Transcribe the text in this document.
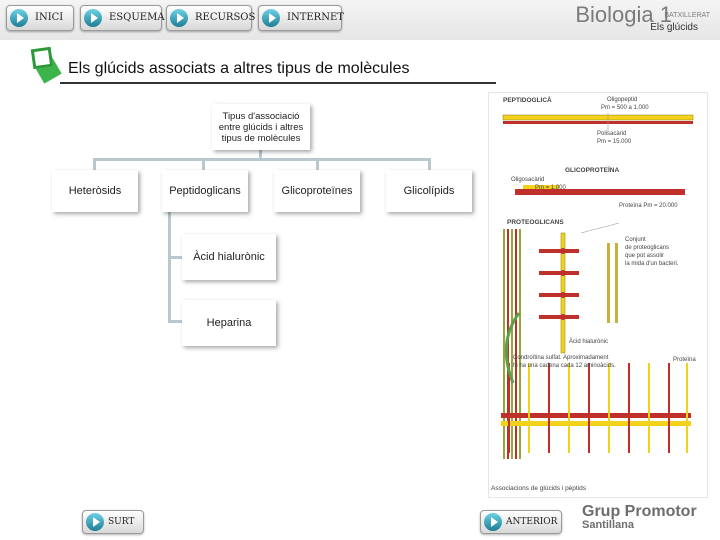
INICI	ESQUEMA	RECURSOS	INTERNET	Biologia 1
BATXILLERAT
Els glúcids
Els glúcids associats a altres tipus de molècules
Tipus d'associació entre glúcids i altres tipus de molècules
Heteròsids	Peptidoglicans	Glicoproteïnes	Glicolípids
Àcid hialurònic
Heparina
PEPTIDOGLICÀ	Oligopeptid
Pm = 500 a 1.000
Polisacàrid
Pm = 15.000
GLICOPROTEÏNA
Oligosacàrid
Pm = 1.000
Proteïna Pm = 20.000
PROTEOGLICANS
Conjunt
de proteoglicans
que pot assolir
la mida d'un bacteri.
Àcid hialurònic
Condroïtina sulfat. Aproximadament
hi ha una cadena cada 12 aminoàcids.
Proteïna
Associacions de glúcids i pèptids
SURT	ANTERIOR
Grup Promotor
Santillana
